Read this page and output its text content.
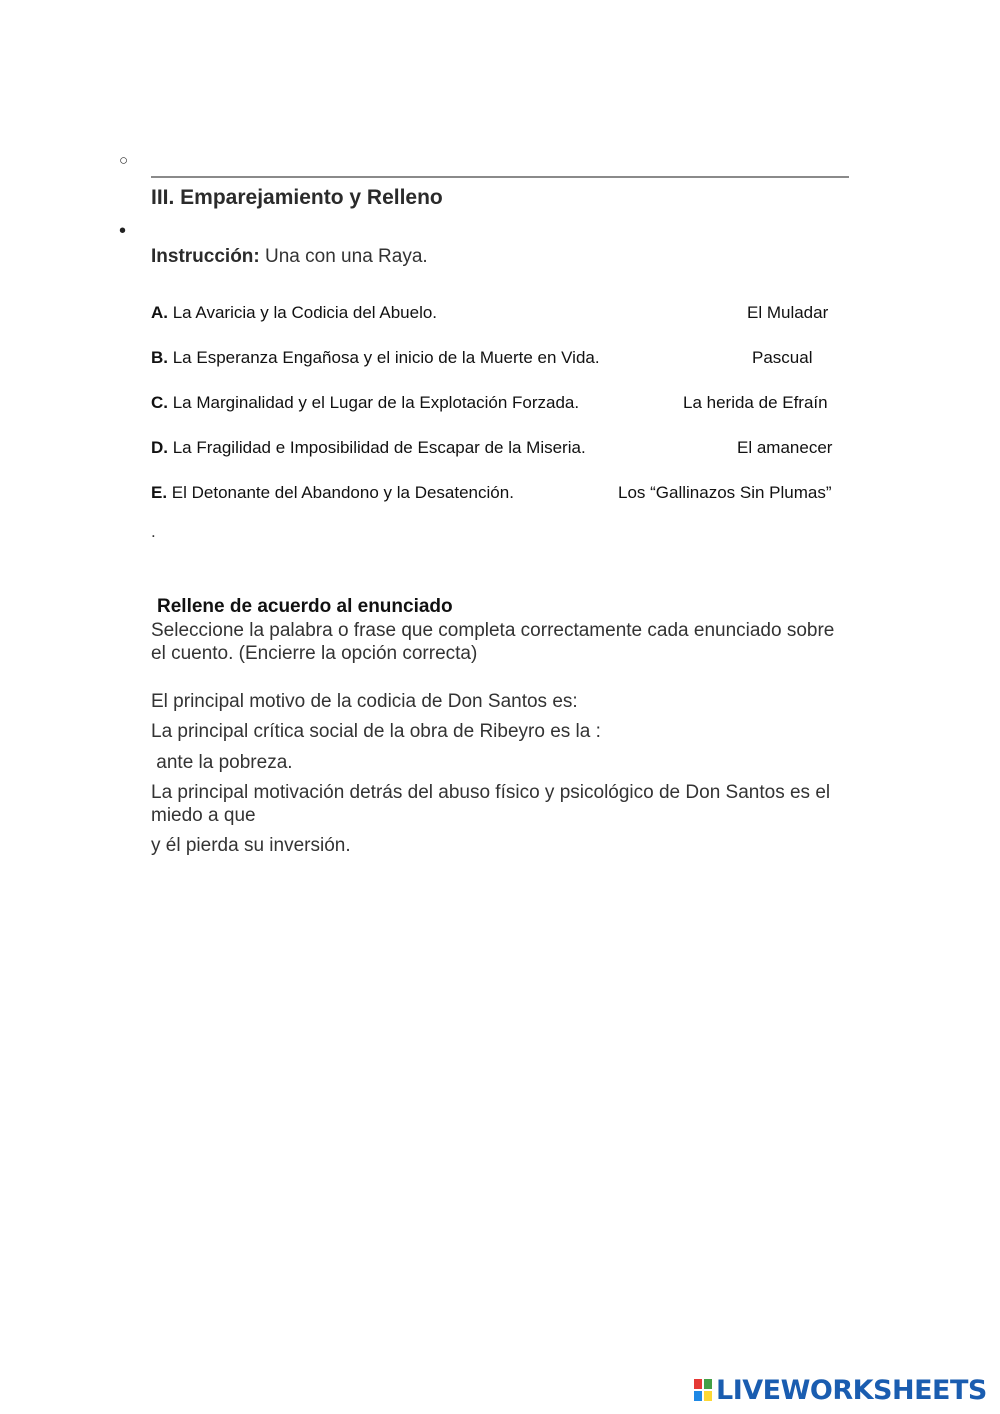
○
III. Emparejamiento y Relleno
•
Instrucción: Una con una Raya.
A. La Avaricia y la Codicia del Abuelo.	El Muladar
B. La Esperanza Engañosa y el inicio de la Muerte en Vida.	Pascual
C. La Marginalidad y el Lugar de la Explotación Forzada.	La herida de Efraín
D. La Fragilidad e Imposibilidad de Escapar de la Miseria.	El amanecer
E. El Detonante del Abandono y la Desatención.	Los “Gallinazos Sin Plumas”
.
Rellene de acuerdo al enunciado
Seleccione la palabra o frase que completa correctamente cada enunciado sobre el cuento. (Encierre la opción correcta)
El principal motivo de la codicia de Don Santos es:
La principal crítica social de la obra de Ribeyro es la :
ante la pobreza.
La principal motivación detrás del abuso físico y psicológico de Don Santos es el miedo a que
y él pierda su inversión.
LIVEWORKSHEETS
